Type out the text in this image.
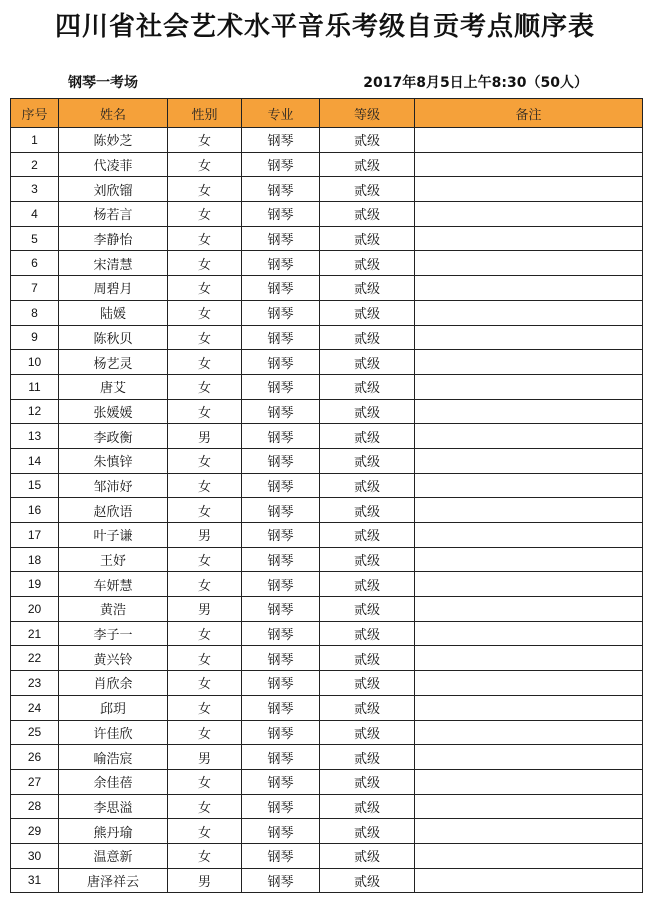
四川省社会艺术水平音乐考级自贡考点顺序表
钢琴一考场	2017年8月5日上午8:30（50人）
序号	姓名	性别	专业	等级	备注
1	陈妙芝	女	钢琴	贰级	
2	代凌菲	女	钢琴	贰级	
3	刘欣镏	女	钢琴	贰级	
4	杨若言	女	钢琴	贰级	
5	李静怡	女	钢琴	贰级	
6	宋清慧	女	钢琴	贰级	
7	周碧月	女	钢琴	贰级	
8	陆媛	女	钢琴	贰级	
9	陈秋贝	女	钢琴	贰级	
10	杨艺灵	女	钢琴	贰级	
11	唐艾	女	钢琴	贰级	
12	张媛媛	女	钢琴	贰级	
13	李政衡	男	钢琴	贰级	
14	朱慎锌	女	钢琴	贰级	
15	邹沛妤	女	钢琴	贰级	
16	赵欣语	女	钢琴	贰级	
17	叶子谦	男	钢琴	贰级	
18	王妤	女	钢琴	贰级	
19	车妍慧	女	钢琴	贰级	
20	黄浩	男	钢琴	贰级	
21	李子一	女	钢琴	贰级	
22	黄兴铃	女	钢琴	贰级	
23	肖欣余	女	钢琴	贰级	
24	邱玥	女	钢琴	贰级	
25	许佳欣	女	钢琴	贰级	
26	喻浩宸	男	钢琴	贰级	
27	余佳蓓	女	钢琴	贰级	
28	李思溢	女	钢琴	贰级	
29	熊丹瑜	女	钢琴	贰级	
30	温意新	女	钢琴	贰级	
31	唐泽祥云	男	钢琴	贰级	
